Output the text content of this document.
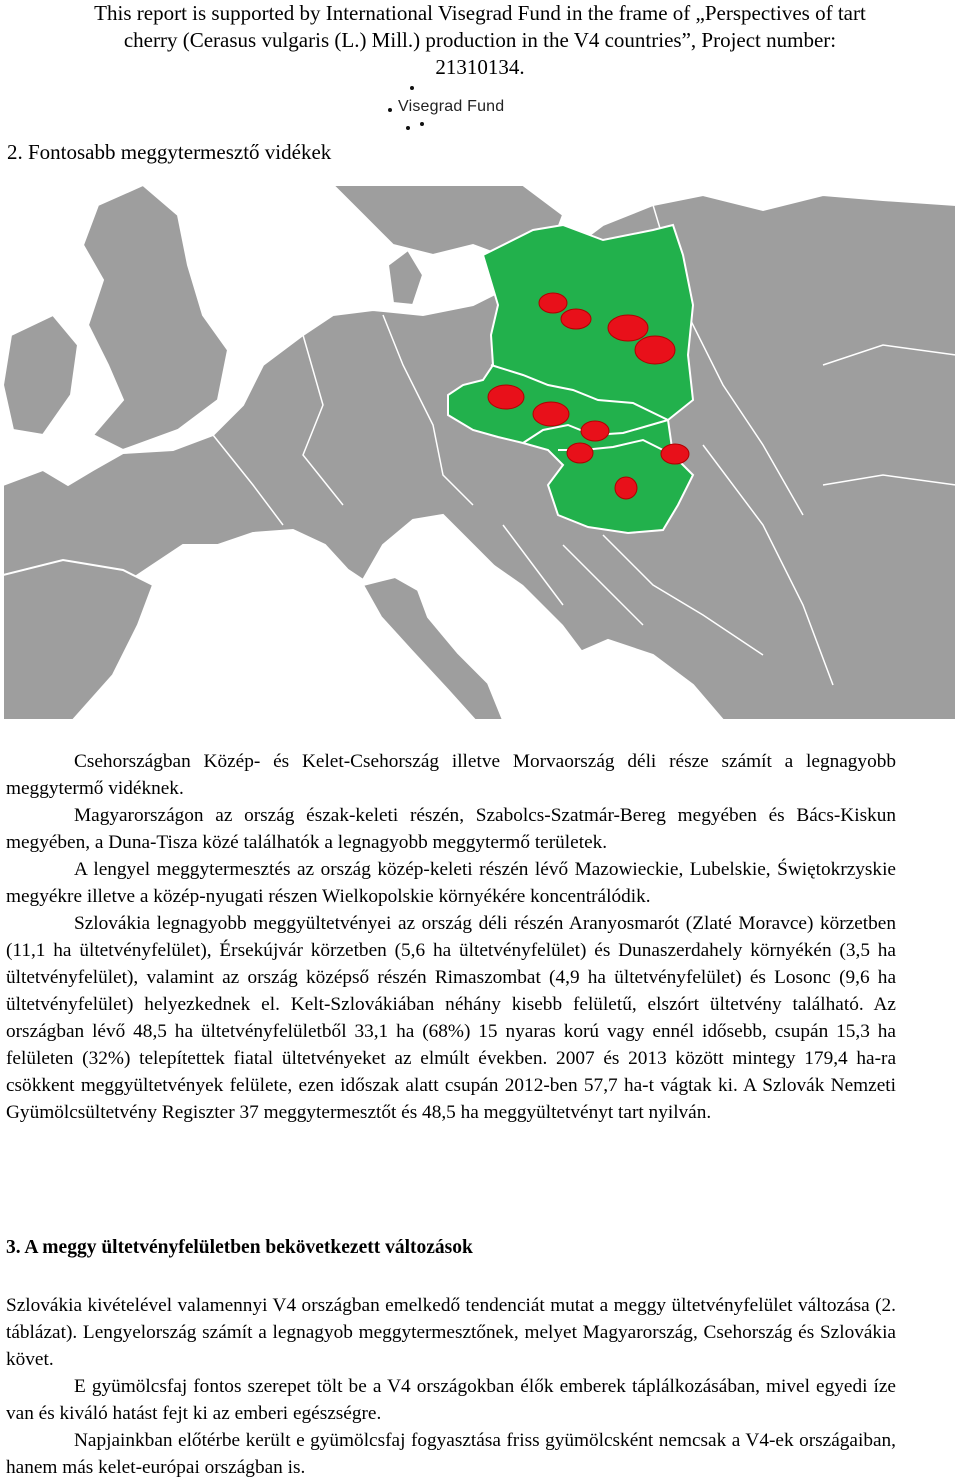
This report is supported by International Visegrad Fund in the frame of „Perspectives of tart
cherry (Cerasus vulgaris (L.) Mill.) production in the V4 countries”, Project number:
21310134.
Visegrad Fund
2. Fontosabb meggytermesztő vidékek

Csehországban Közép- és Kelet-Csehország illetve Morvaország déli része számít a legnagyobb meggytermő vidéknek.

Magyarországon az ország észak-keleti részén, Szabolcs-Szatmár-Bereg megyében és Bács-Kiskun megyében, a Duna-Tisza közé találhatók a legnagyobb meggytermő területek.

A lengyel meggytermesztés az ország közép-keleti részén lévő Mazowieckie, Lubelskie, Świętokrzyskie megyékre illetve a közép-nyugati részen Wielkopolskie környékére koncentrálódik.

Szlovákia legnagyobb meggyültetvényei az ország déli részén Aranyosmarót (Zlaté Moravce) körzetben (11,1 ha ültetvényfelület), Érsekújvár körzetben (5,6 ha ültetvényfelület) és Dunaszerdahely környékén (3,5 ha ültetvényfelület), valamint az ország középső részén Rimaszombat (4,9 ha ültetvényfelület) és Losonc (9,6 ha ültetvényfelület) helyezkednek el. Kelt-Szlovákiában néhány kisebb felületű, elszórt ültetvény található. Az országban lévő 48,5 ha ültetvényfelületből 33,1 ha (68%) 15 nyaras korú vagy ennél idősebb, csupán 15,3 ha felületen (32%) telepítettek fiatal ültetvényeket az elmúlt években. 2007 és 2013 között mintegy 179,4 ha-ra csökkent meggyültetvények felülete, ezen időszak alatt csupán 2012-ben 57,7 ha-t vágtak ki. A Szlovák Nemzeti Gyümölcsültetvény Regiszter 37 meggytermesztőt és 48,5 ha meggyültetvényt tart nyilván.

3. A meggy ültetvényfelületben bekövetkezett változások

Szlovákia kivételével valamennyi V4 országban emelkedő tendenciát mutat a meggy ültetvényfelület változása (2. táblázat). Lengyelország számít a legnagyob meggytermesztőnek, melyet Magyarország, Csehország és Szlovákia követ.

E gyümölcsfaj fontos szerepet tölt be a V4 országokban élők emberek táplálkozásában, mivel egyedi íze van és kiváló hatást fejt ki az emberi egészségre.

Napjainkban előtérbe került e gyümölcsfaj fogyasztása friss gyümölcsként nemcsak a V4-ek országaiban, hanem más kelet-európai országban is.
